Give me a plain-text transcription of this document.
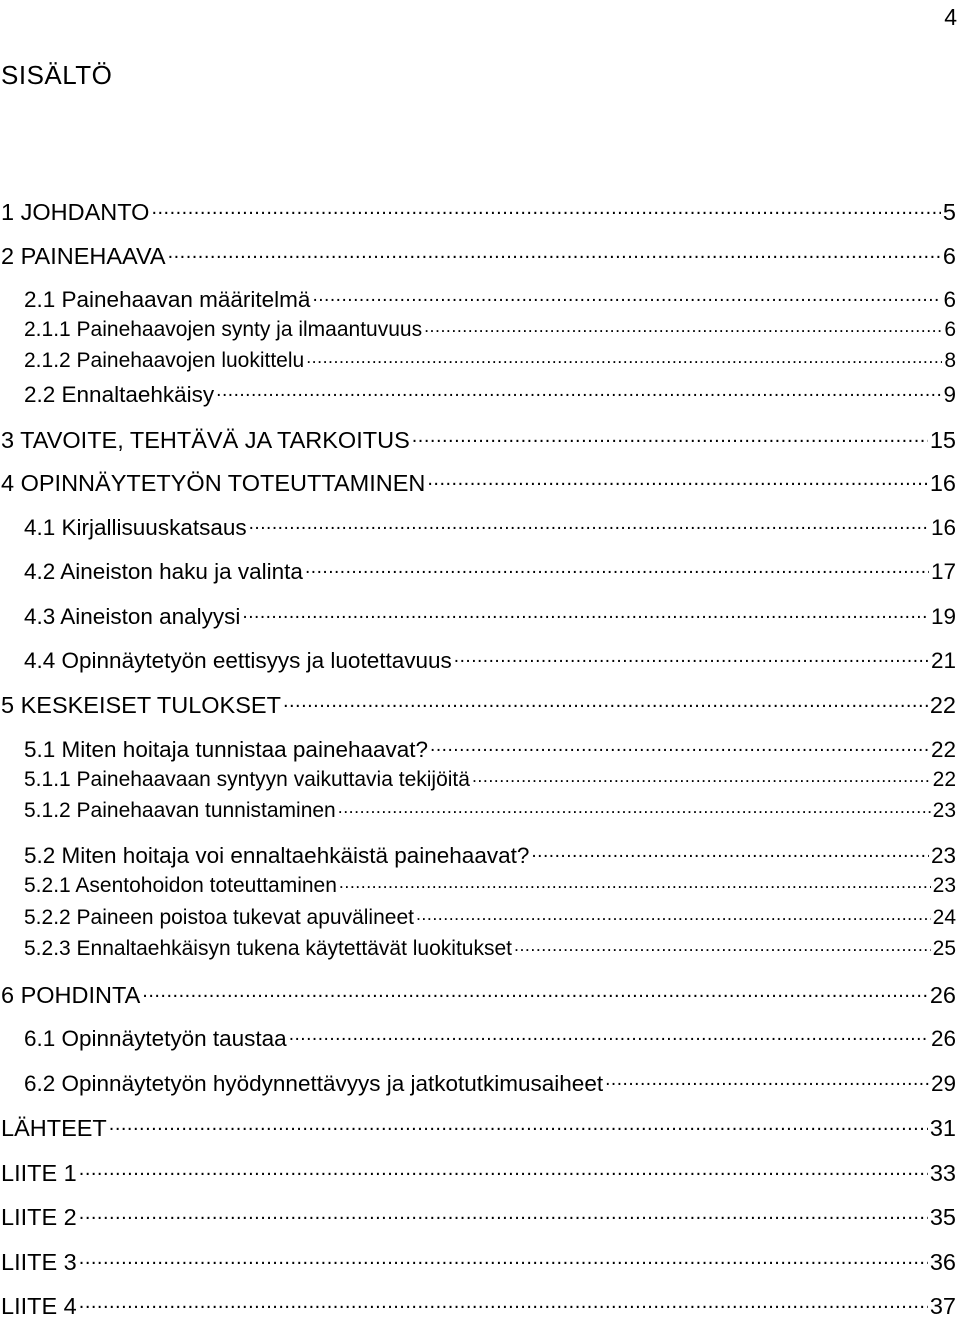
4
SISÄLTÖ
1 JOHDANTO .....	5
2 PAINEHAAVA .....	6
2.1 Painehaavan määritelmä .....	6
2.1.1 Painehaavojen synty ja ilmaantuvuus .....	6
2.1.2 Painehaavojen luokittelu .....	8
2.2 Ennaltaehkäisy .....	9
3 TAVOITE, TEHTÄVÄ JA TARKOITUS .....	15
4 OPINNÄYTETYÖN TOTEUTTAMINEN .....	16
4.1 Kirjallisuuskatsaus .....	16
4.2 Aineiston haku ja valinta .....	17
4.3 Aineiston analyysi .....	19
4.4 Opinnäytetyön eettisyys ja luotettavuus .....	21
5 KESKEISET TULOKSET .....	22
5.1 Miten hoitaja tunnistaa painehaavat? .....	22
5.1.1 Painehaavaan syntyyn vaikuttavia tekijöitä .....	22
5.1.2 Painehaavan tunnistaminen .....	23
5.2 Miten hoitaja voi ennaltaehkäistä painehaavat? .....	23
5.2.1 Asentohoidon toteuttaminen .....	23
5.2.2 Paineen poistoa tukevat apuvälineet .....	24
5.2.3 Ennaltaehkäisyn tukena käytettävät luokitukset .....	25
6 POHDINTA .....	26
6.1 Opinnäytetyön taustaa .....	26
6.2 Opinnäytetyön hyödynnettävyys ja jatkotutkimusaiheet .....	29
LÄHTEET .....	31
LIITE 1 .....	33
LIITE 2 .....	35
LIITE 3 .....	36
LIITE 4 .....	37
